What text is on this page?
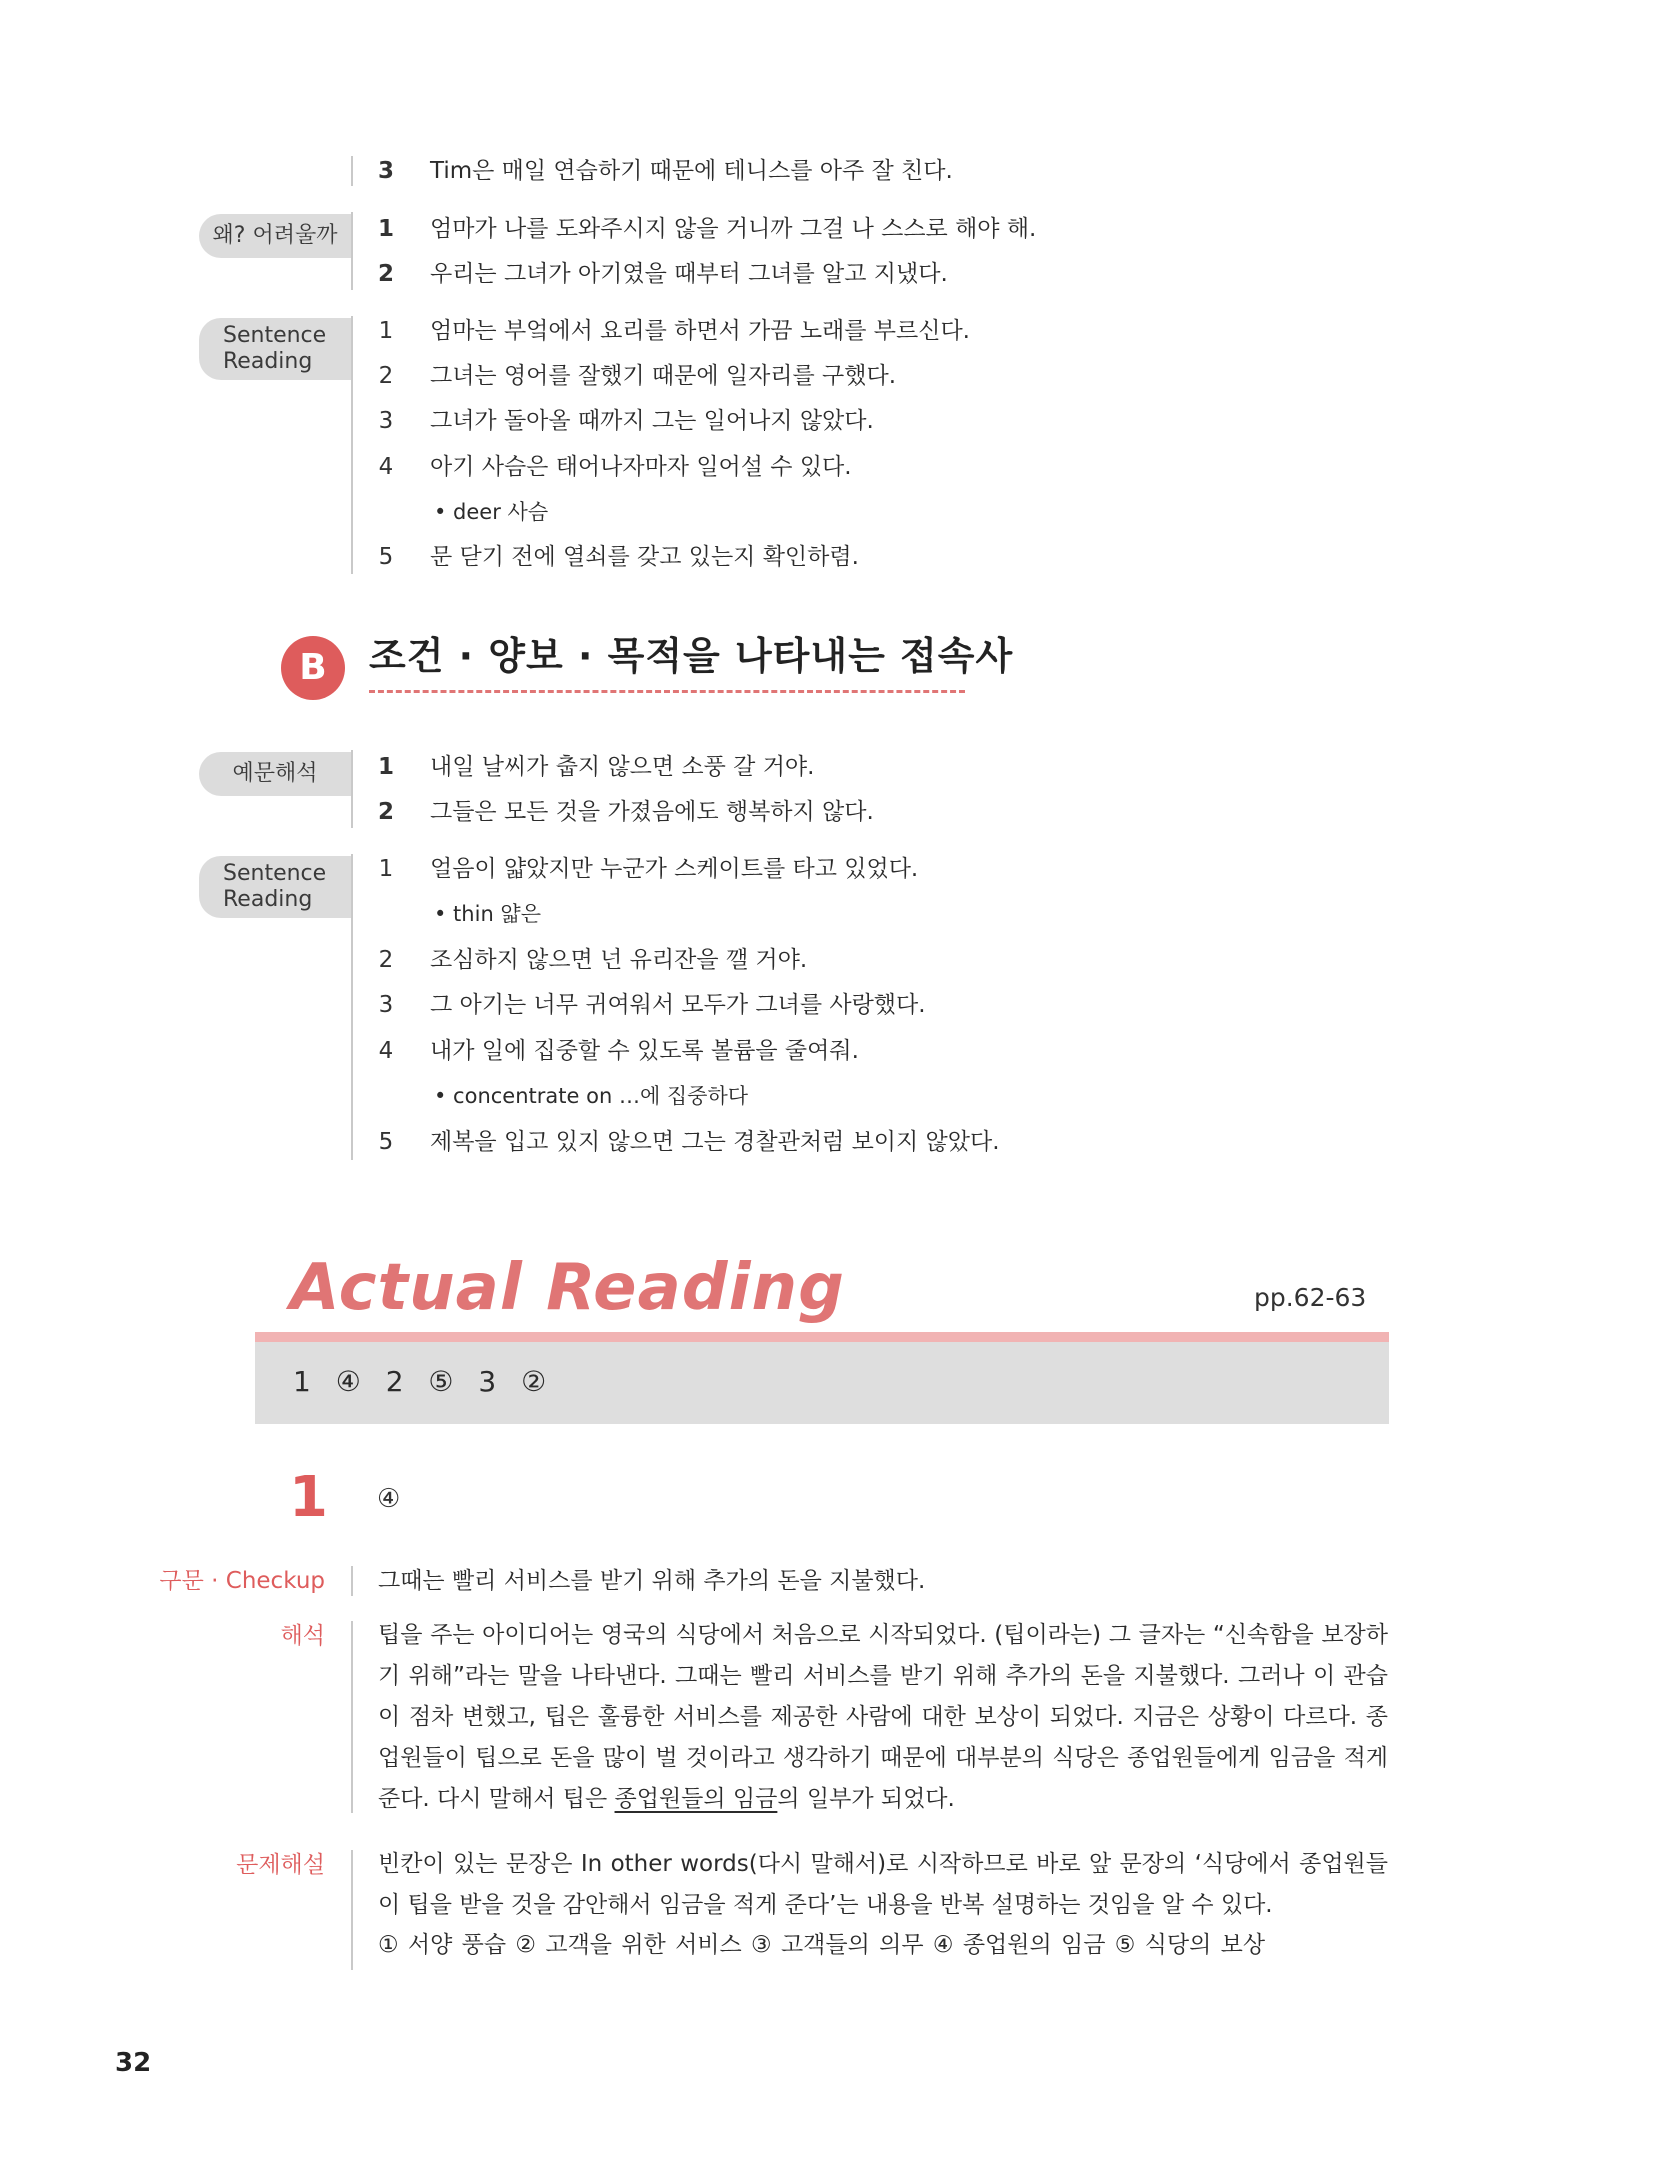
3	Tim은 매일 연습하기 때문에 테니스를 아주 잘 친다.
왜? 어려울까	1	엄마가 나를 도와주시지 않을 거니까 그걸 나 스스로 해야 해.
2	우리는 그녀가 아기였을 때부터 그녀를 알고 지냈다.
Sentence
Reading
1	엄마는 부엌에서 요리를 하면서 가끔 노래를 부르신다.
2	그녀는 영어를 잘했기 때문에 일자리를 구했다.
3	그녀가 돌아올 때까지 그는 일어나지 않았다.
4	아기 사슴은 태어나자마자 일어설 수 있다.
• deer 사슴
5	문 닫기 전에 열쇠를 갖고 있는지 확인하렴.
B	조건 · 양보 · 목적을 나타내는 접속사
예문해석	1	내일 날씨가 춥지 않으면 소풍 갈 거야.
2	그들은 모든 것을 가졌음에도 행복하지 않다.
Sentence
Reading
1	얼음이 얇았지만 누군가 스케이트를 타고 있었다.
• thin 얇은
2	조심하지 않으면 넌 유리잔을 깰 거야.
3	그 아기는 너무 귀여워서 모두가 그녀를 사랑했다.
4	내가 일에 집중할 수 있도록 볼륨을 줄여줘.
• concentrate on …에 집중하다
5	제복을 입고 있지 않으면 그는 경찰관처럼 보이지 않았다.
Actual Reading	pp.62-63
1 ④ 2 ⑤ 3 ②
1 ④
구문 · Checkup 그때는 빨리 서비스를 받기 위해 추가의 돈을 지불했다.
해석 팁을 주는 아이디어는 영국의 식당에서 처음으로 시작되었다. (팁이라는) 그 글자는 “신속함을 보장하기 위해”라는 말을 나타낸다. 그때는 빨리 서비스를 받기 위해 추가의 돈을 지불했다. 그러나 이 관습이 점차 변했고, 팁은 훌륭한 서비스를 제공한 사람에 대한 보상이 되었다. 지금은 상황이 다르다. 종업원들이 팁으로 돈을 많이 벌 것이라고 생각하기 때문에 대부분의 식당은 종업원들에게 임금을 적게 준다. 다시 말해서 팁은 종업원들의 임금의 일부가 되었다.
문제해설 빈칸이 있는 문장은 In other words(다시 말해서)로 시작하므로 바로 앞 문장의 ‘식당에서 종업원들이 팁을 받을 것을 감안해서 임금을 적게 준다’는 내용을 반복 설명하는 것임을 알 수 있다.
① 서양 풍습 ② 고객을 위한 서비스 ③ 고객들의 의무 ④ 종업원의 임금 ⑤ 식당의 보상
32
